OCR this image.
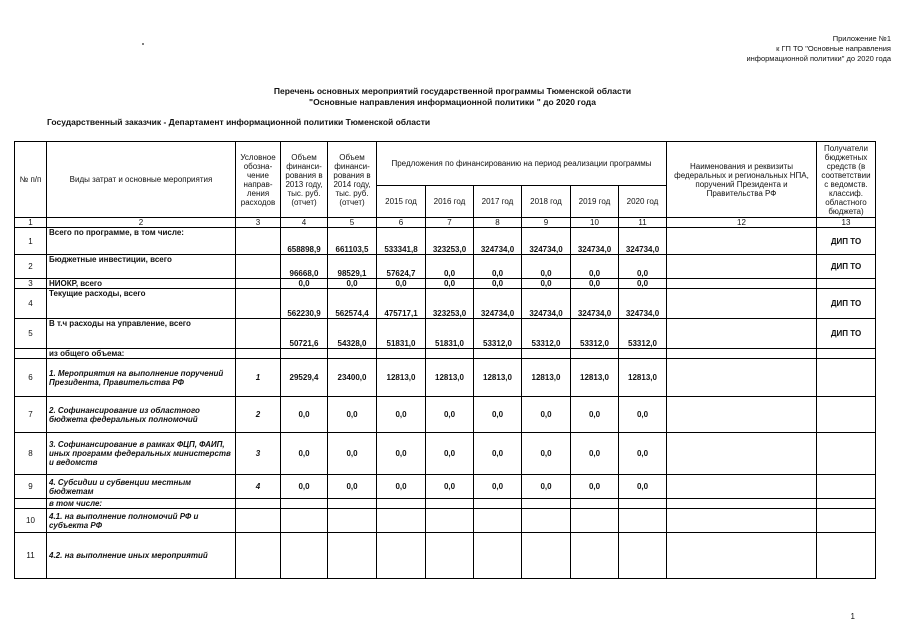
Приложение №1
к ГП ТО "Основные направления
информационной политики" до 2020 года
Перечень основных мероприятий государственной программы Тюменской области
"Основные направления информационной политики " до 2020 года
Государственный заказчик - Департамент информационной политики Тюменской области
№ п/п	Виды затрат и основные мероприятия	Условное обозна-чение направ-ления расходов	Объем финанси-рования в 2013 году, тыс. руб. (отчет)	Объем финанси-рования в 2014 году, тыс. руб. (отчет)	Предложения по финансированию на период реализации программы						Наименования и реквизиты федеральных и региональных НПА, поручений Президента и Правительства РФ	Получатели бюджетных средств (в соответствии с ведомств. классиф. областного бюджета)
					2015 год	2016 год	2017 год	2018 год	2019 год	2020 год		
1	2	3	4	5	6	7	8	9	10	11	12	13
1	Всего по программе, в том числе:		658898,9	661103,5	533341,8	323253,0	324734,0	324734,0	324734,0	324734,0		ДИП ТО
2	Бюджетные инвестиции, всего		96668,0	98529,1	57624,7	0,0	0,0	0,0	0,0	0,0		ДИП ТО
3	НИОКР, всего		0,0	0,0	0,0	0,0	0,0	0,0	0,0	0,0		
4	Текущие расходы, всего		562230,9	562574,4	475717,1	323253,0	324734,0	324734,0	324734,0	324734,0		ДИП ТО
5	В т.ч расходы на управление, всего		50721,6	54328,0	51831,0	51831,0	53312,0	53312,0	53312,0	53312,0		ДИП ТО
	из общего объема:											
6	1. Мероприятия на выполнение поручений Президента, Правительства РФ	1	29529,4	23400,0	12813,0	12813,0	12813,0	12813,0	12813,0	12813,0		
7	2. Софинансирование из областного бюджета федеральных полномочий	2	0,0	0,0	0,0	0,0	0,0	0,0	0,0	0,0		
8	3. Софинансирование в рамках ФЦП, ФАИП, иных программ федеральных министерств и ведомств	3	0,0	0,0	0,0	0,0	0,0	0,0	0,0	0,0		
9	4. Субсидии и субвенции местным бюджетам	4	0,0	0,0	0,0	0,0	0,0	0,0	0,0	0,0		
	в том числе:											
10	4.1. на выполнение полномочий РФ и субъекта РФ											
11	4.2. на выполнение иных мероприятий											
1
